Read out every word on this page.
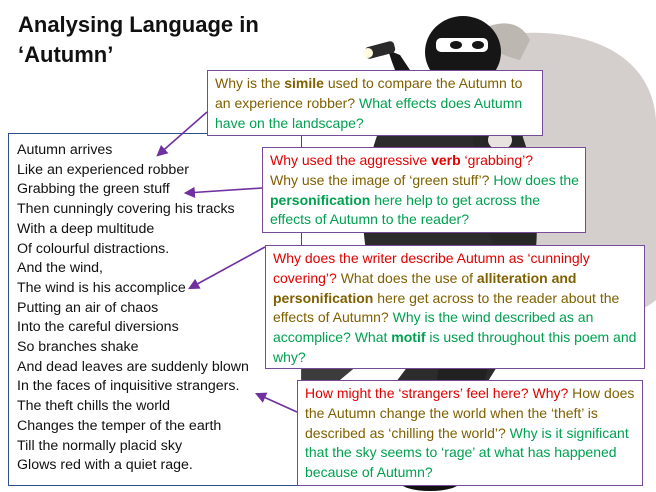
Analysing Language in ‘Autumn’
Autumn arrives
Like an experienced robber
Grabbing the green stuff
Then cunningly covering his tracks
With a deep multitude
Of colourful distractions.
And the wind,
The wind is his accomplice
Putting an air of chaos
Into the careful diversions
So branches shake
And dead leaves are suddenly blown
In the faces of inquisitive strangers.
The theft chills the world
Changes the temper of the earth
Till the normally placid sky
Glows red with a quiet rage.
Why is the simile used to compare the Autumn to an experience robber? What effects does Autumn have on the landscape?
Why used the aggressive verb ‘grabbing’?
Why use the image of ‘green stuff’? How does the personification here help to get across the effects of Autumn to the reader?
Why does the writer describe Autumn as ‘cunningly covering’? What does the use of alliteration and personification here get across to the reader about the effects of Autumn? Why is the wind described as an accomplice? What motif is used throughout this poem and why?
How might the ‘strangers’ feel here? Why? How does the Autumn change the world when the ‘theft’ is described as ‘chilling the world’? Why is it significant that the sky seems to ‘rage’ at what has happened because of Autumn?
